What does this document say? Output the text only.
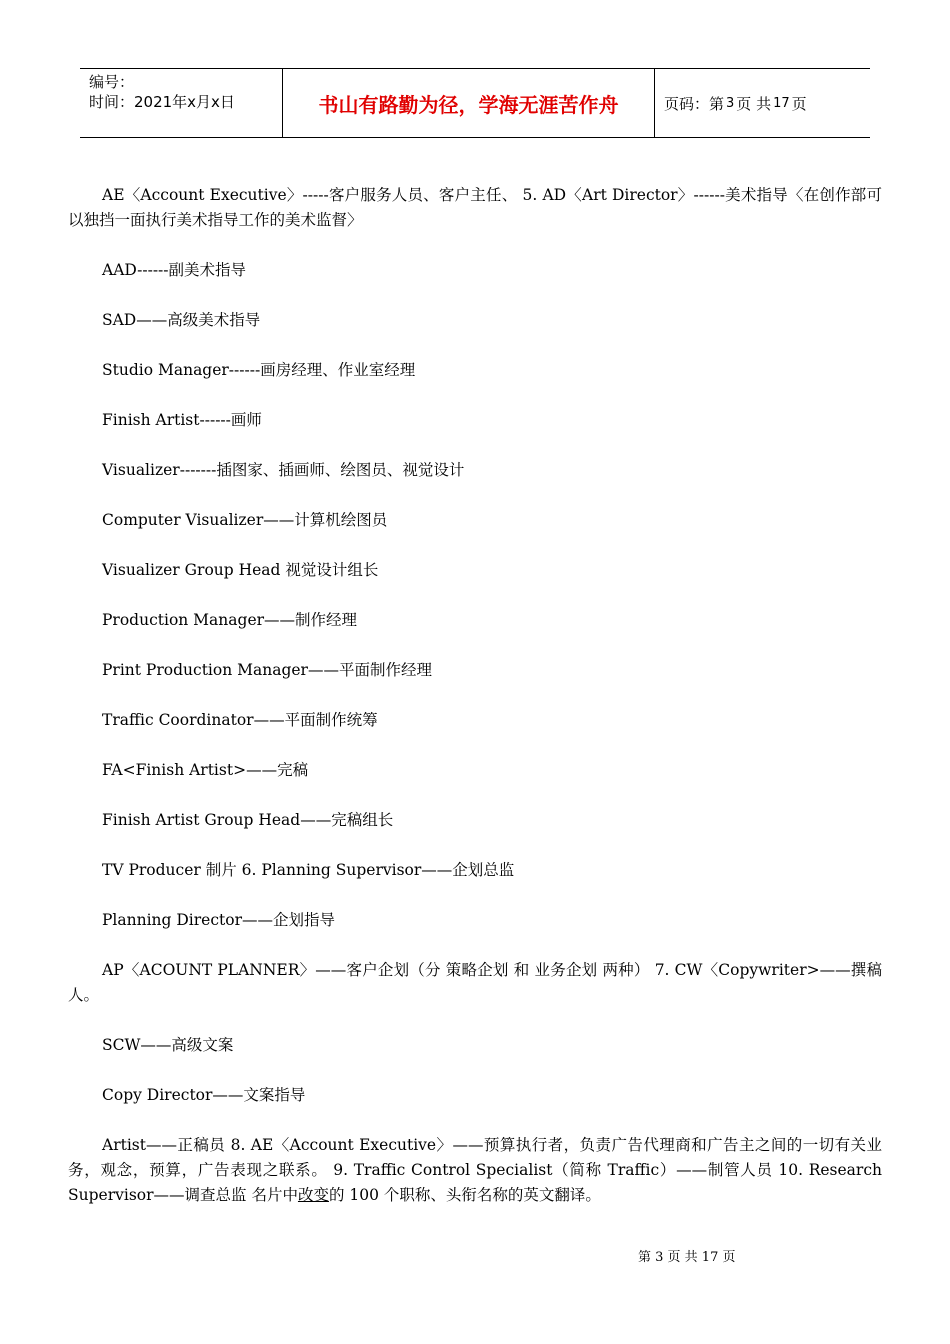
编号：
时间：2021年x月x日	书山有路勤为径，学海无涯苦作舟	页码：第 3 页 共 17 页

AE〈Account Executive〉-----客户服务人员、客户主任、 5. AD〈Art Director〉------美术指导〈在创作部可以独挡一面执行美术指导工作的美术监督〉

AAD------副美术指导

SAD——高级美术指导

Studio Manager------画房经理、作业室经理

Finish Artist------画师

Visualizer-------插图家、插画师、绘图员、视觉设计

Computer Visualizer——计算机绘图员

Visualizer Group Head 视觉设计组长

Production Manager——制作经理

Print Production Manager——平面制作经理

Traffic Coordinator——平面制作统筹

FA<Finish Artist>——完稿

Finish Artist Group Head——完稿组长

TV Producer 制片 6. Planning Supervisor——企划总监

Planning Director——企划指导

AP〈ACOUNT PLANNER〉——客户企划（分 策略企划 和 业务企划 两种） 7. CW〈Copywriter>——撰稿人。

SCW——高级文案

Copy Director——文案指导

Artist——正稿员 8. AE〈Account Executive〉——预算执行者，负责广告代理商和广告主之间的一切有关业务，观念，预算，广告表现之联系。 9. Traffic Control Specialist（简称 Traffic）——制管人员 10. Research Supervisor——调查总监 名片中改变的 100 个职称、头衔名称的英文翻译。

第 3 页 共 17 页
